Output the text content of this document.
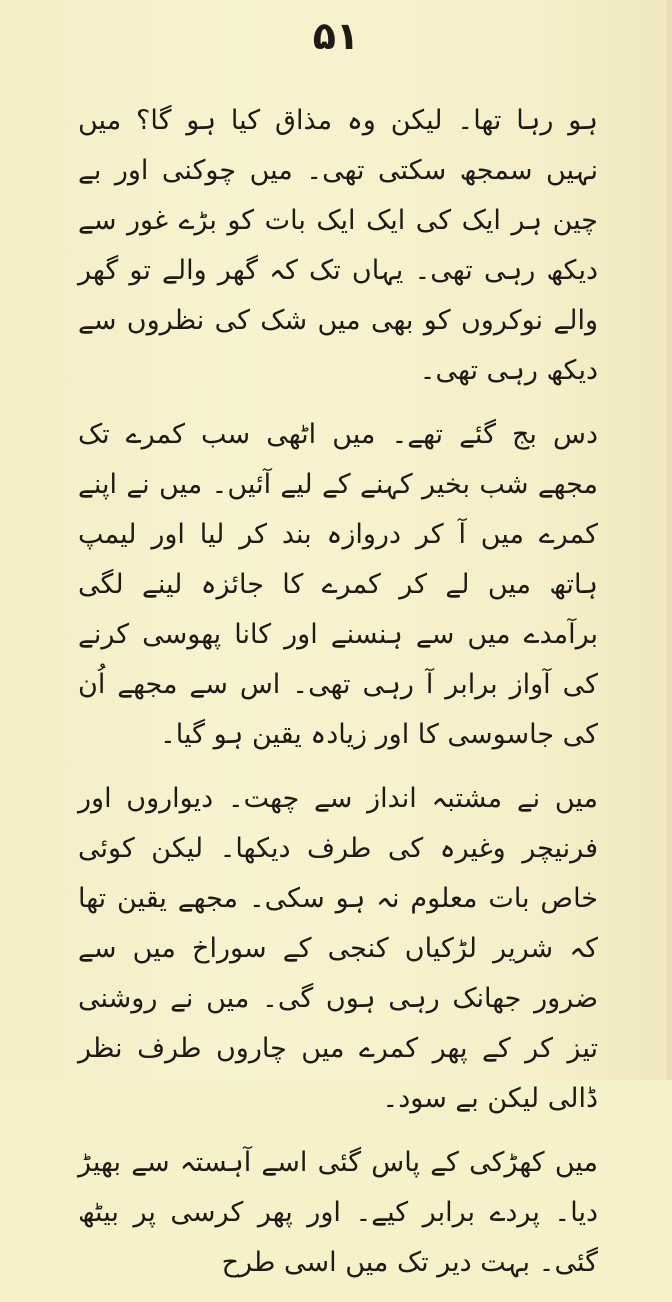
۵۱

ہو رہا تھا۔ لیکن وہ مذاق کیا ہو گا؟ میں نہیں سمجھ سکتی تھی۔ میں چوکنی اور بے چین ہر ایک کی ایک ایک بات کو بڑے غور سے دیکھ رہی تھی۔ یہاں تک کہ گھر والے تو گھر والے نوکروں کو بھی میں شک کی نظروں سے دیکھ رہی تھی۔

دس بج گئے تھے۔ میں اٹھی سب کمرے تک مجھے شب بخیر کہنے کے لیے آئیں۔ میں نے اپنے کمرے میں آ کر دروازہ بند کر لیا اور لیمپ ہاتھ میں لے کر کمرے کا جائزہ لینے لگی برآمدے میں سے ہنسنے اور کانا پھوسی کرنے کی آواز برابر آ رہی تھی۔ اس سے مجھے اُن کی جاسوسی کا اور زیادہ یقین ہو گیا۔

میں نے مشتبہ انداز سے چھت۔ دیواروں اور فرنیچر وغیرہ کی طرف دیکھا۔ لیکن کوئی خاص بات معلوم نہ ہو سکی۔ مجھے یقین تھا کہ شریر لڑکیاں کنجی کے سوراخ میں سے ضرور جھانک رہی ہوں گی۔ میں نے روشنی تیز کر کے پھر کمرے میں چاروں طرف نظر ڈالی لیکن بے سود۔

میں کھڑکی کے پاس گئی اسے آہستہ سے بھیڑ دیا۔ پردے برابر کیے۔ اور پھر کرسی پر بیٹھ گئی۔ بہت دیر تک میں اسی طرح
